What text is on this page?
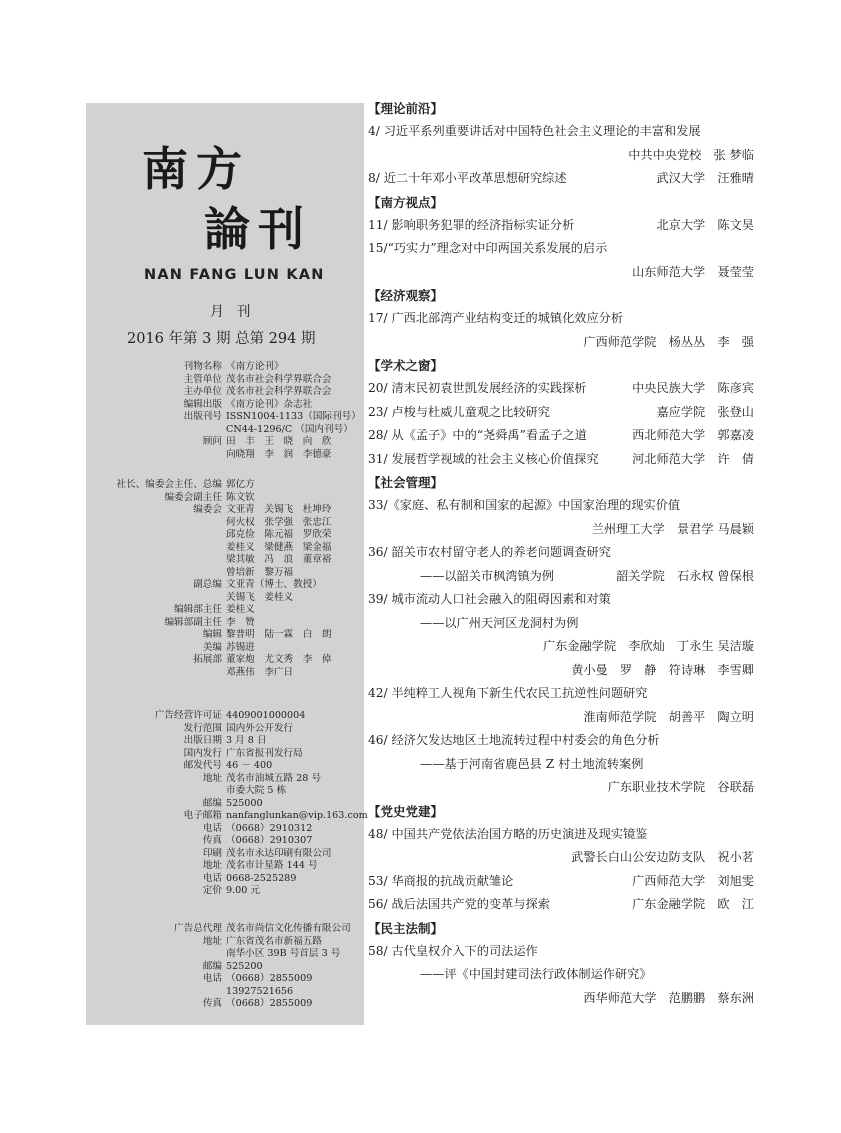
南方
論刊
NAN FANG LUN KAN
月 刊
2016 年第 3 期 总第 294 期
刊物名称 《南方论刊》
主管单位 茂名市社会科学界联合会
主办单位 茂名市社会科学界联合会
编辑出版 《南方论刊》杂志社
出版刊号 ISSN1004-1133（国际刊号）
CN44-1296/C （国内刊号）
顾问 田　丰　王　晓　向　欣
向晓翔　李　润　李德豪
社长、编委会主任、总编 郭亿方
编委会副主任 陈文钦
编委会 文亚青　关锡飞　杜坤玲
何火权　张学强　张忠江
邱克俭　陈元福　罗欣荣
姜桂义　梁健燕　梁金福
梁其敏　冯　浪　董章裕
曾培新　黎万福
副总编 文亚青（博士、教授）
关锡飞　姜桂义
编辑部主任 姜桂义
编辑部副主任 李　赞
编辑 黎普明　陆一霖　白　朗
美编 苏锡进
拓展部 董家炮　尤文秀　李　倬
邓燕伟　李广日
广告经营许可证 4409001000004
发行范围 国内外公开发行
出版日期 3 月 8 日
国内发行 广东省报刊发行局
邮发代号 46 － 400
地址 茂名市油城五路 28 号
市委大院 5 栋
邮编 525000
电子邮箱 nanfanglunkan@vip.163.com
电话 （0668）2910312
传真 （0668）2910307
印刷 茂名市永达印刷有限公司
地址 茂名市计星路 144 号
电话 0668-2525289
定价 9.00 元
广告总代理 茂名市尚信文化传播有限公司
地址 广东省茂名市新福五路
南华小区 39B 号首层 3 号
邮编 525200
电话 （0668）2855009
13927521656
传真 （0668）2855009
【理论前沿】
4/ 习近平系列重要讲话对中国特色社会主义理论的丰富和发展
中共中央党校　张 梦临
8/ 近二十年邓小平改革思想研究综述	武汉大学　汪雅晴
【南方视点】
11/ 影响职务犯罪的经济指标实证分析	北京大学　陈文昊
15/“巧实力”理念对中印两国关系发展的启示
山东师范大学　聂莹莹
【经济观察】
17/ 广西北部湾产业结构变迁的城镇化效应分析
广西师范学院　杨丛丛　李　强
【学术之窗】
20/ 清末民初袁世凯发展经济的实践探析	中央民族大学　陈彦宾
23/ 卢梭与杜威儿童观之比较研究	嘉应学院　张登山
28/ 从《孟子》中的“尧舜禹”看孟子之道	西北师范大学　郭嘉凌
31/ 发展哲学视域的社会主义核心价值探究	河北师范大学　许　倩
【社会管理】
33/《家庭、私有制和国家的起源》中国家治理的现实价值
兰州理工大学　景君学 马晨颖
36/ 韶关市农村留守老人的养老问题调查研究
——以韶关市枫湾镇为例	韶关学院　石永权 曾保根
39/ 城市流动人口社会融入的阻碍因素和对策
——以广州天河区龙洞村为例
广东金融学院　李欣灿　丁永生 吴洁璇
黄小曼　罗　静　符诗琳　李雪卿
42/ 半纯粹工人视角下新生代农民工抗逆性问题研究
淮南师范学院　胡善平　陶立明
46/ 经济欠发达地区土地流转过程中村委会的角色分析
——基于河南省鹿邑县 Z 村土地流转案例
广东职业技术学院　谷联磊
【党史党建】
48/ 中国共产党依法治国方略的历史演进及现实镜鉴
武警长白山公安边防支队　祝小茗
53/ 华商报的抗战贡献雏论	广西师范大学　刘旭雯
56/ 战后法国共产党的变革与探索	广东金融学院　欧　江
【民主法制】
58/ 古代皇权介入下的司法运作
——评《中国封建司法行政体制运作研究》
西华师范大学　范鹏鹏　蔡东洲
